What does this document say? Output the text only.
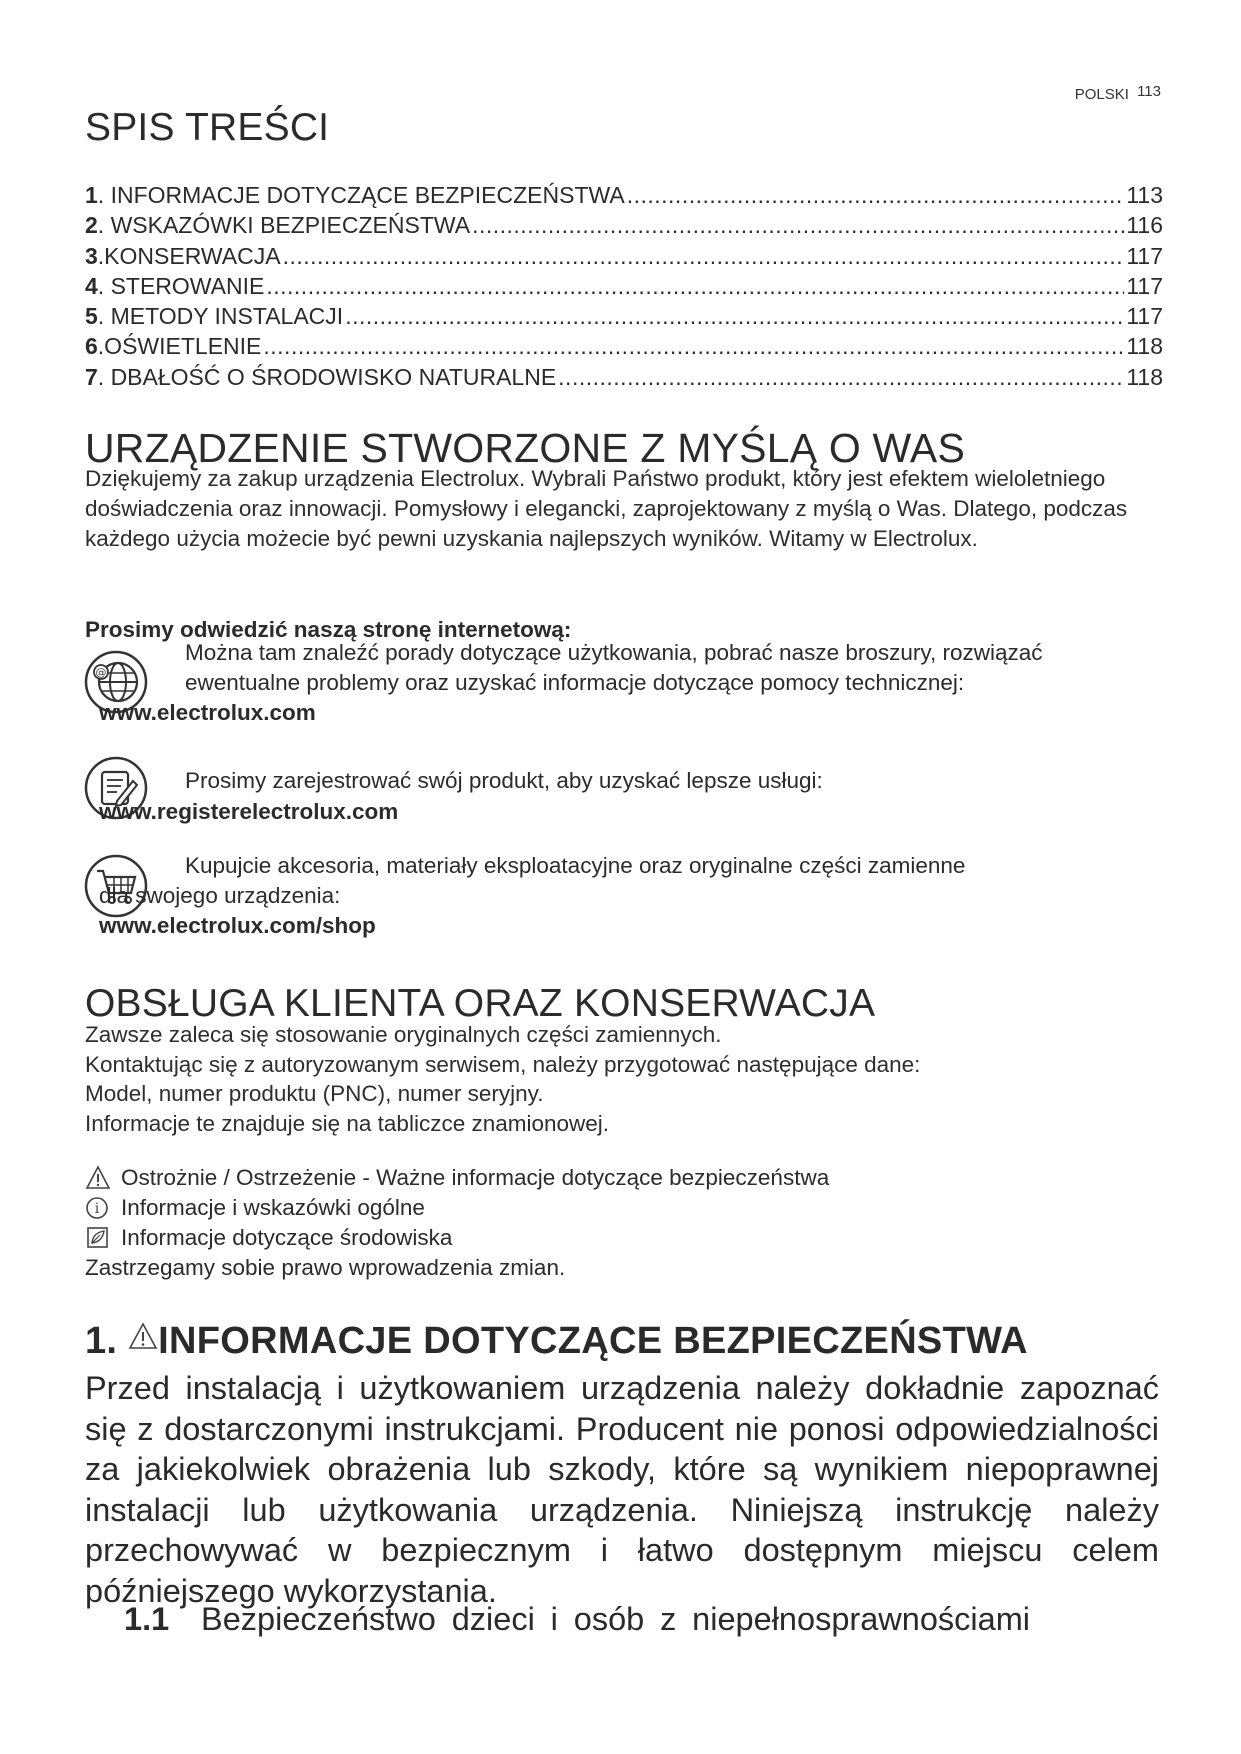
POLSKI 113
SPIS TREŚCI
1 . INFORMACJE DOTYCZĄCE BEZPIECZEŃSTWA .....	113
2 . WSKAZÓWKI BEZPIECZEŃSTWA .....	116
3 .KONSERWACJA .....	117
4 . STEROWANIE .....	117
5 . METODY INSTALACJI .....	117
6 .OŚWIETLENIE .....	118
7 . DBAŁOŚĆ O ŚRODOWISKO NATURALNE .....	118
URZĄDZENIE STWORZONE Z MYŚLĄ O WAS

Dziękujemy za zakup urządzenia Electrolux. Wybrali Państwo produkt, który jest efektem wieloletniego doświadczenia oraz innowacji. Pomysłowy i elegancki, zaprojektowany z myślą o Was. Dlatego, podczas każdego użycia możecie być pewni uzyskania najlepszych wyników. Witamy w Electrolux.

Prosimy odwiedzić naszą stronę internetową:

@

Można tam znaleźć porady dotyczące użytkowania, pobrać nasze broszury, rozwiązać

ewentualne problemy oraz uzyskać informacje dotyczące pomocy technicznej:

www.electrolux.com

Prosimy zarejestrować swój produkt, aby uzyskać lepsze usługi:

www.registerelectrolux.com

Kupujcie akcesoria, materiały eksploatacyjne oraz oryginalne części zamienne

dla swojego urządzenia:

www.electrolux.com/shop

OBSŁUGA KLIENTA ORAZ KONSERWACJA
Zawsze zaleca się stosowanie oryginalnych części zamiennych.
Kontaktując się z autoryzowanym serwisem, należy przygotować następujące dane:
Model, numer produktu (PNC), numer seryjny.
Informacje te znajduje się na tabliczce znamionowej.
Ostrożnie / Ostrzeżenie - Ważne informacje dotyczące bezpieczeństwa
i Informacje i wskazówki ogólne
Informacje dotyczące środowiska
Zastrzegamy sobie prawo wprowadzenia zmian.
1. INFORMACJE DOTYCZĄCE BEZPIECZEŃSTWA

Przed instalacją i użytkowaniem urządzenia należy dokładnie zapoznać się z dostarczonymi instrukcjami. Producent nie ponosi odpowiedzialności za jakiekolwiek obrażenia lub szkody, które są wynikiem niepoprawnej instalacji lub użytkowania urządzenia. Niniejszą instrukcję należy przechowywać w bezpiecznym i łatwo dostępnym miejscu celem późniejszego wykorzystania.

1.1 Bezpieczeństwo dzieci i osób z niepełnosprawnościami
